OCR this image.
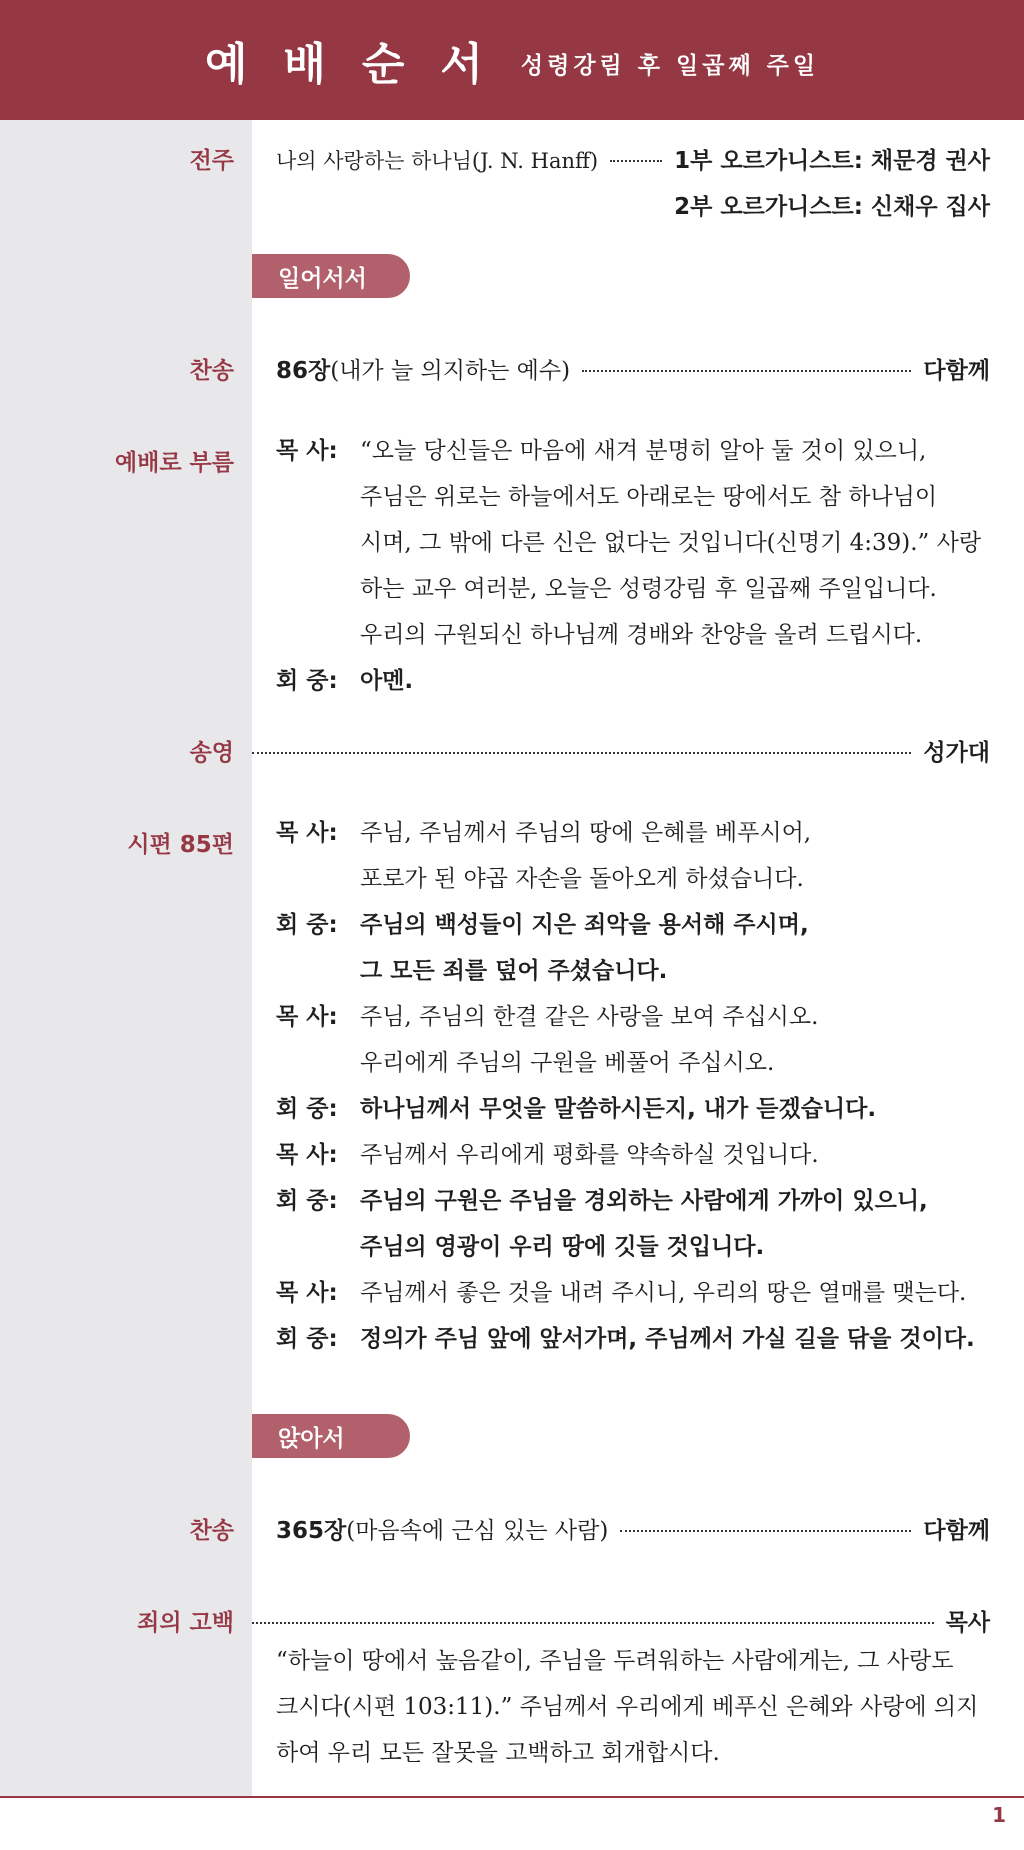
예배순서 성령강림 후 일곱째 주일
전주 나의 사랑하는 하나님(J. N. Hanff)	1부 오르가니스트: 채문경 권사
2부 오르가니스트: 신채우 집사
일어서서
찬송 86장 (내가 늘 의지하는 예수)	다함께
예배로 부름 목 사: “오늘 당신들은 마음에 새겨 분명히 알아 둘 것이 있으니,
주님은 위로는 하늘에서도 아래로는 땅에서도 참 하나님이
시며, 그 밖에 다른 신은 없다는 것입니다(신명기 4:39).” 사랑
하는 교우 여러분, 오늘은 성령강림 후 일곱째 주일입니다.
우리의 구원되신 하나님께 경배와 찬양을 올려 드립시다.
회 중: 아멘.
송영	성가대
시편 85편 목 사: 주님, 주님께서 주님의 땅에 은혜를 베푸시어,
포로가 된 야곱 자손을 돌아오게 하셨습니다.
회 중: 주님의 백성들이 지은 죄악을 용서해 주시며,
그 모든 죄를 덮어 주셨습니다.
목 사: 주님, 주님의 한결 같은 사랑을 보여 주십시오.
우리에게 주님의 구원을 베풀어 주십시오.
회 중: 하나님께서 무엇을 말씀하시든지, 내가 듣겠습니다.
목 사: 주님께서 우리에게 평화를 약속하실 것입니다.
회 중: 주님의 구원은 주님을 경외하는 사람에게 가까이 있으니,
주님의 영광이 우리 땅에 깃들 것입니다.
목 사: 주님께서 좋은 것을 내려 주시니, 우리의 땅은 열매를 맺는다.
회 중: 정의가 주님 앞에 앞서가며, 주님께서 가실 길을 닦을 것이다.
앉아서
찬송 365장 (마음속에 근심 있는 사람)	다함께
죄의 고백	목사
“하늘이 땅에서 높음같이, 주님을 두려워하는 사람에게는, 그 사랑도
크시다(시편 103:11).” 주님께서 우리에게 베푸신 은혜와 사랑에 의지
하여 우리 모든 잘못을 고백하고 회개합시다.
1
